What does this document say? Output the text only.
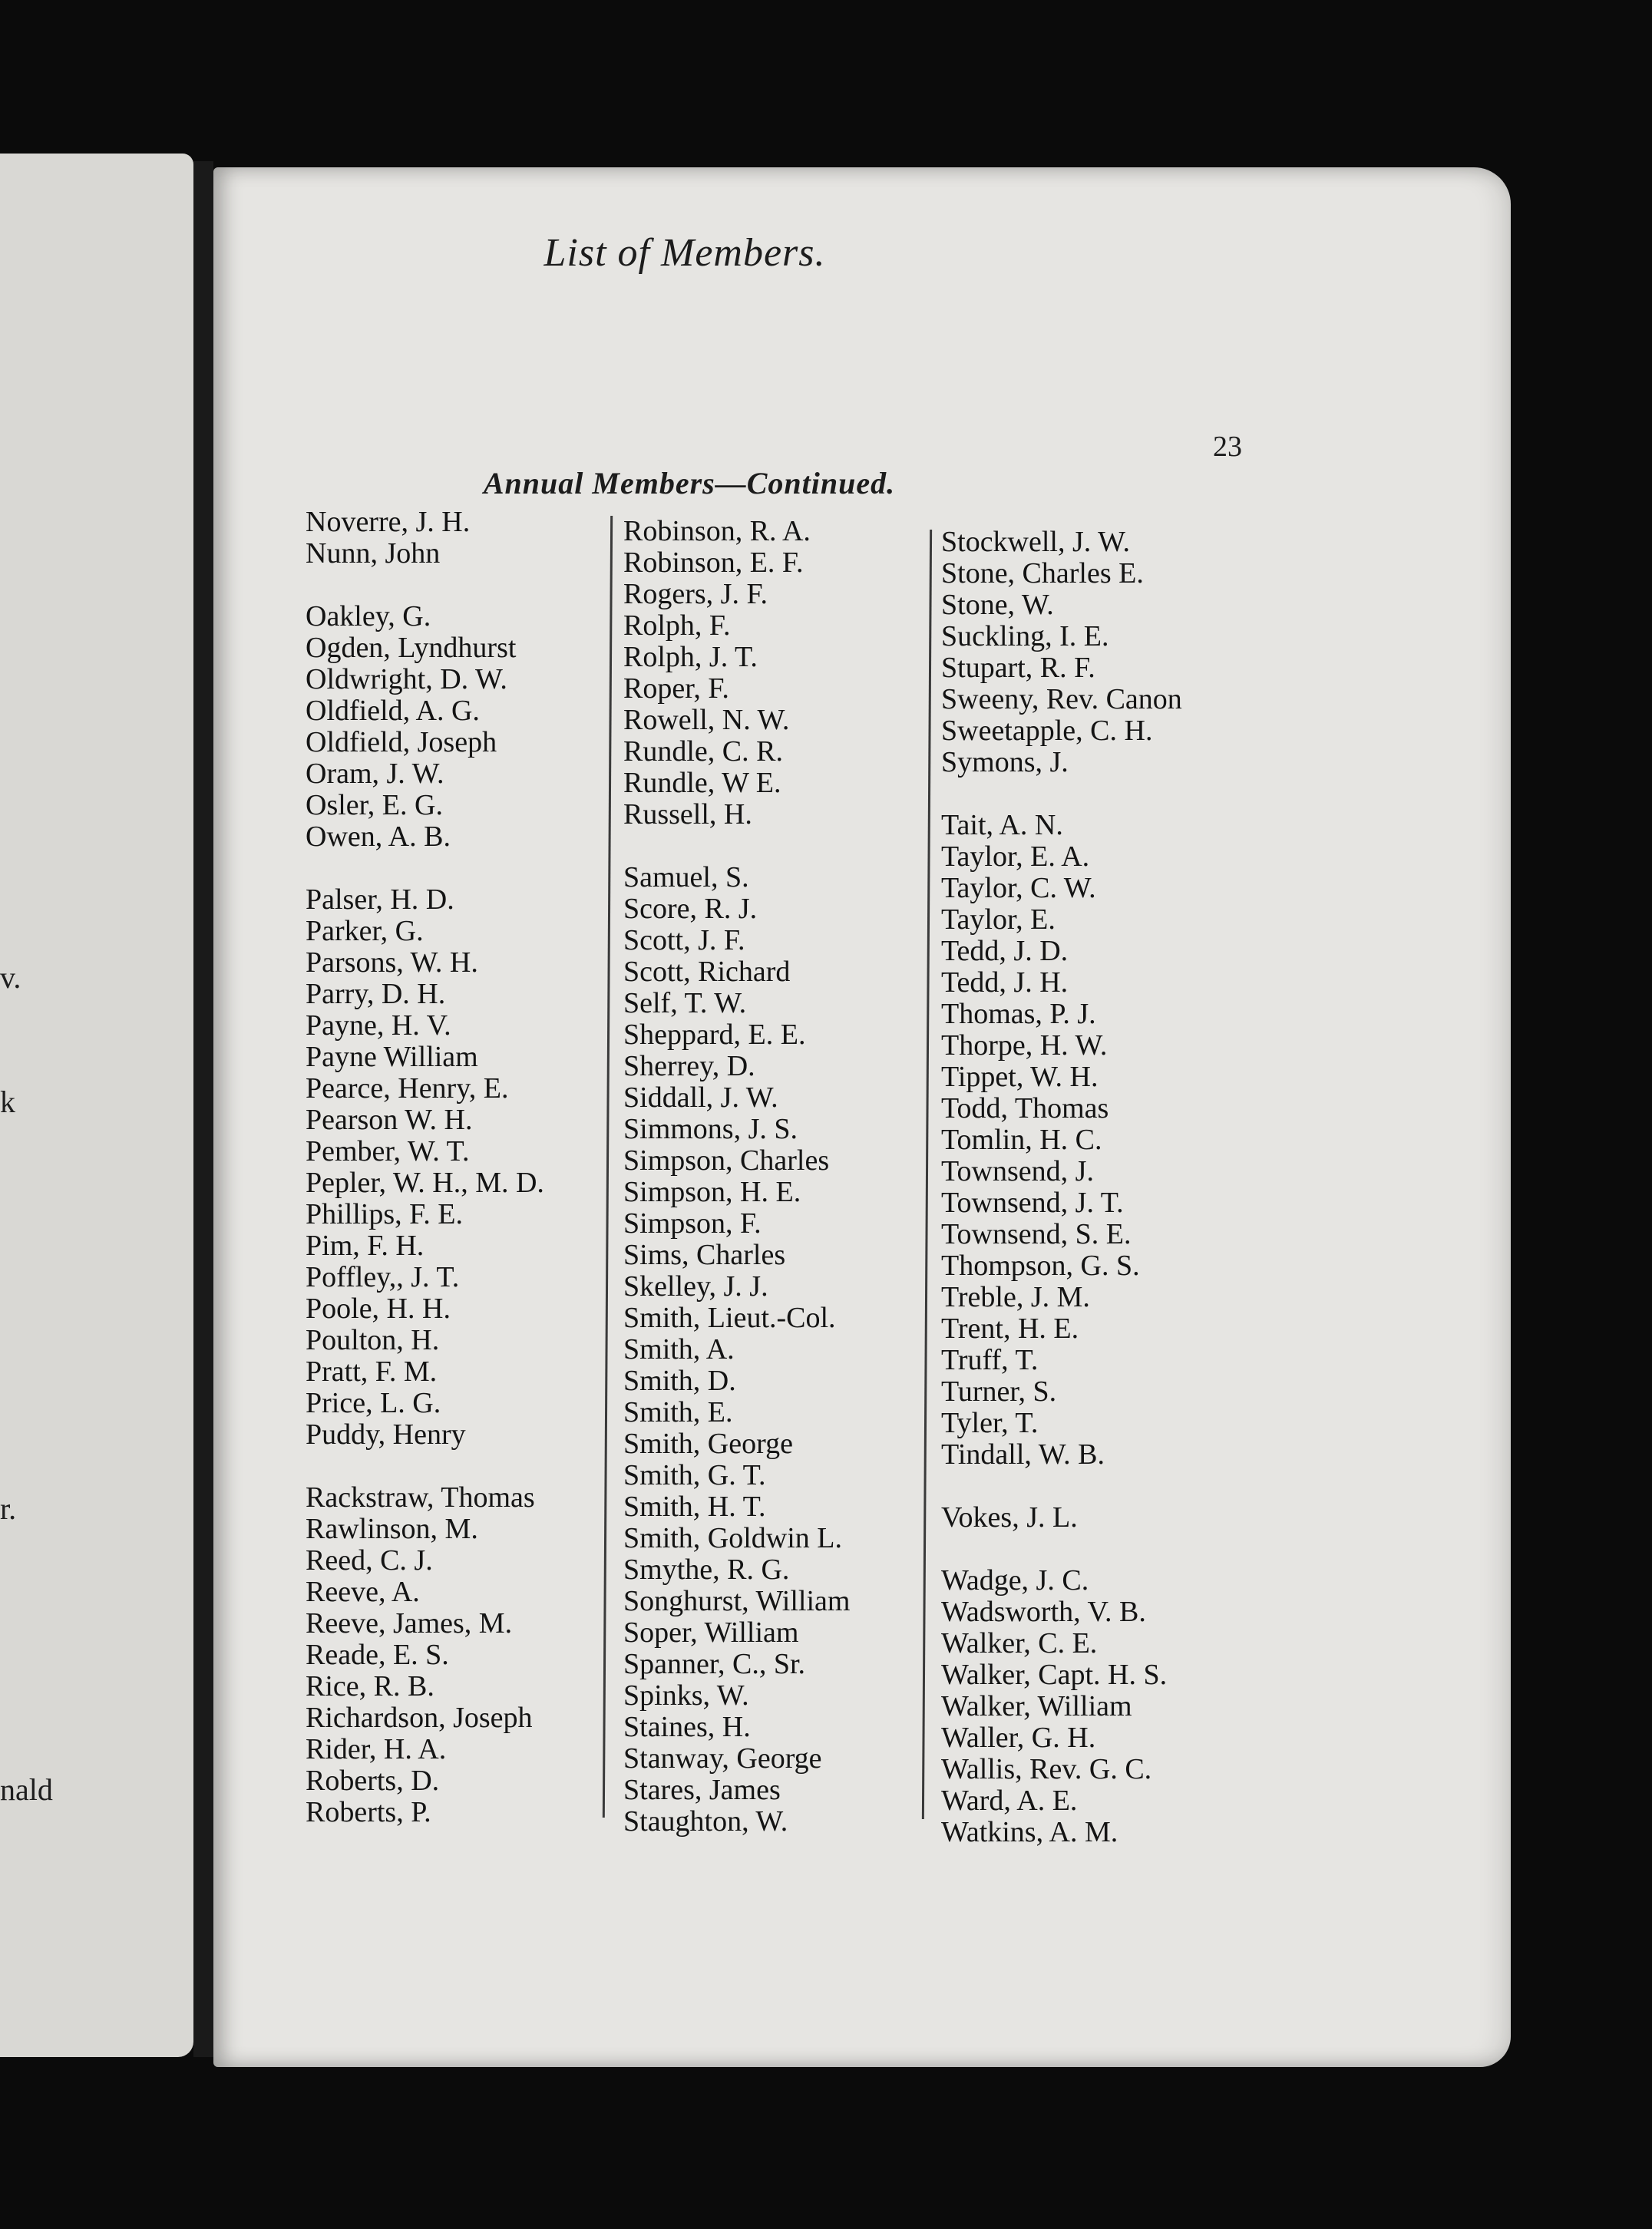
v.
k
r.
nald
List of Members.
23
Annual Members—Continued.
Noverre, J. H.
Nunn, John
Oakley, G.
Ogden, Lyndhurst
Oldwright, D. W.
Oldfield, A. G.
Oldfield, Joseph
Oram, J. W.
Osler, E. G.
Owen, A. B.
Palser, H. D.
Parker, G.
Parsons, W. H.
Parry, D. H.
Payne, H. V.
Payne William
Pearce, Henry, E.
Pearson W. H.
Pember, W. T.
Pepler, W. H., M. D.
Phillips, F. E.
Pim, F. H.
Poffley,, J. T.
Poole, H. H.
Poulton, H.
Pratt, F. M.
Price, L. G.
Puddy, Henry
Rackstraw, Thomas
Rawlinson, M.
Reed, C. J.
Reeve, A.
Reeve, James, M.
Reade, E. S.
Rice, R. B.
Richardson, Joseph
Rider, H. A.
Roberts, D.
Roberts, P.
Robinson, R. A.
Robinson, E. F.
Rogers, J. F.
Rolph, F.
Rolph, J. T.
Roper, F.
Rowell, N. W.
Rundle, C. R.
Rundle, W E.
Russell, H.
Samuel, S.
Score, R. J.
Scott, J. F.
Scott, Richard
Self, T. W.
Sheppard, E. E.
Sherrey, D.
Siddall, J. W.
Simmons, J. S.
Simpson, Charles
Simpson, H. E.
Simpson, F.
Sims, Charles
Skelley, J. J.
Smith, Lieut.-Col.
Smith, A.
Smith, D.
Smith, E.
Smith, George
Smith, G. T.
Smith, H. T.
Smith, Goldwin L.
Smythe, R. G.
Songhurst, William
Soper, William
Spanner, C., Sr.
Spinks, W.
Staines, H.
Stanway, George
Stares, James
Staughton, W.
Stockwell, J. W.
Stone, Charles E.
Stone, W.
Suckling, I. E.
Stupart, R. F.
Sweeny, Rev. Canon
Sweetapple, C. H.
Symons, J.
Tait, A. N.
Taylor, E. A.
Taylor, C. W.
Taylor, E.
Tedd, J. D.
Tedd, J. H.
Thomas, P. J.
Thorpe, H. W.
Tippet, W. H.
Todd, Thomas
Tomlin, H. C.
Townsend, J.
Townsend, J. T.
Townsend, S. E.
Thompson, G. S.
Treble, J. M.
Trent, H. E.
Truff, T.
Turner, S.
Tyler, T.
Tindall, W. B.
Vokes, J. L.
Wadge, J. C.
Wadsworth, V. B.
Walker, C. E.
Walker, Capt. H. S.
Walker, William
Waller, G. H.
Wallis, Rev. G. C.
Ward, A. E.
Watkins, A. M.
